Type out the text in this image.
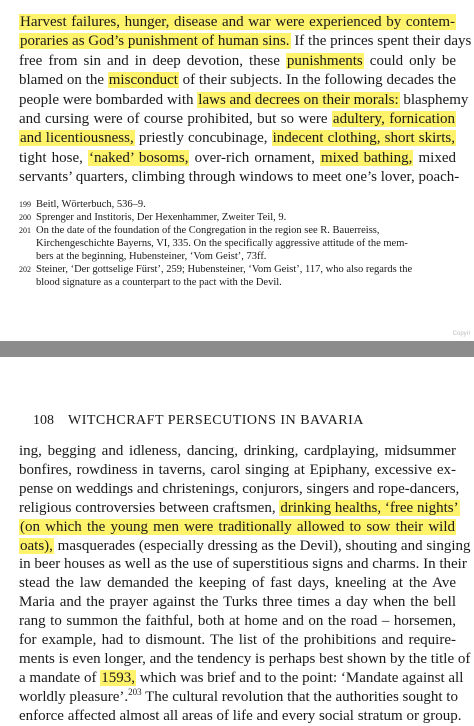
Harvest failures, hunger, disease and war were experienced by contem-
poraries as God’s punishment of human sins. If the princes spent their days
free from sin and in deep devotion, these punishments could only be
blamed on the misconduct of their subjects. In the following decades the
people were bombarded with laws and decrees on their morals: blasphemy
and cursing were of course prohibited, but so were adultery, fornication
and licentiousness, priestly concubinage, indecent clothing, short skirts,
tight hose, ‘naked’ bosoms, over-rich ornament, mixed bathing, mixed
servants’ quarters, climbing through windows to meet one’s lover, poach-
199 Beitl, Wörterbuch, 536–9.
200 Sprenger and Institoris, Der Hexenhammer, Zweiter Teil, 9.
201 On the date of the foundation of the Congregation in the region see R. Bauerreiss,
Kirchengeschichte Bayerns, VI, 335. On the specifically aggressive attitude of the mem-
bers at the beginning, Hubensteiner, ‘Vom Geist’, 73ff.
202 Steiner, ‘Der gottselige Fürst’, 259; Hubensteiner, ‘Vom Geist’, 117, who also regards the
blood signature as a counterpart to the pact with the Devil.
Copyri
108 WITCHCRAFT PERSECUTIONS IN BAVARIA
ing, begging and idleness, dancing, drinking, cardplaying, midsummer
bonfires, rowdiness in taverns, carol singing at Epiphany, excessive ex-
pense on weddings and christenings, conjurors, singers and rope-dancers,
religious controversies between craftsmen, drinking healths, ‘free nights’
(on which the young men were traditionally allowed to sow their wild
oats), masquerades (especially dressing as the Devil), shouting and singing
in beer houses as well as the use of superstitious signs and charms. In their
stead the law demanded the keeping of fast days, kneeling at the Ave
Maria and the prayer against the Turks three times a day when the bell
rang to summon the faithful, both at home and on the road – horsemen,
for example, had to dismount. The list of the prohibitions and require-
ments is even longer, and the tendency is perhaps best shown by the title of
a mandate of 1593, which was brief and to the point: ‘Mandate against all
worldly pleasure’.$^{203}$ The cultural revolution that the authorities sought to
enforce affected almost all areas of life and every social stratum or group.
